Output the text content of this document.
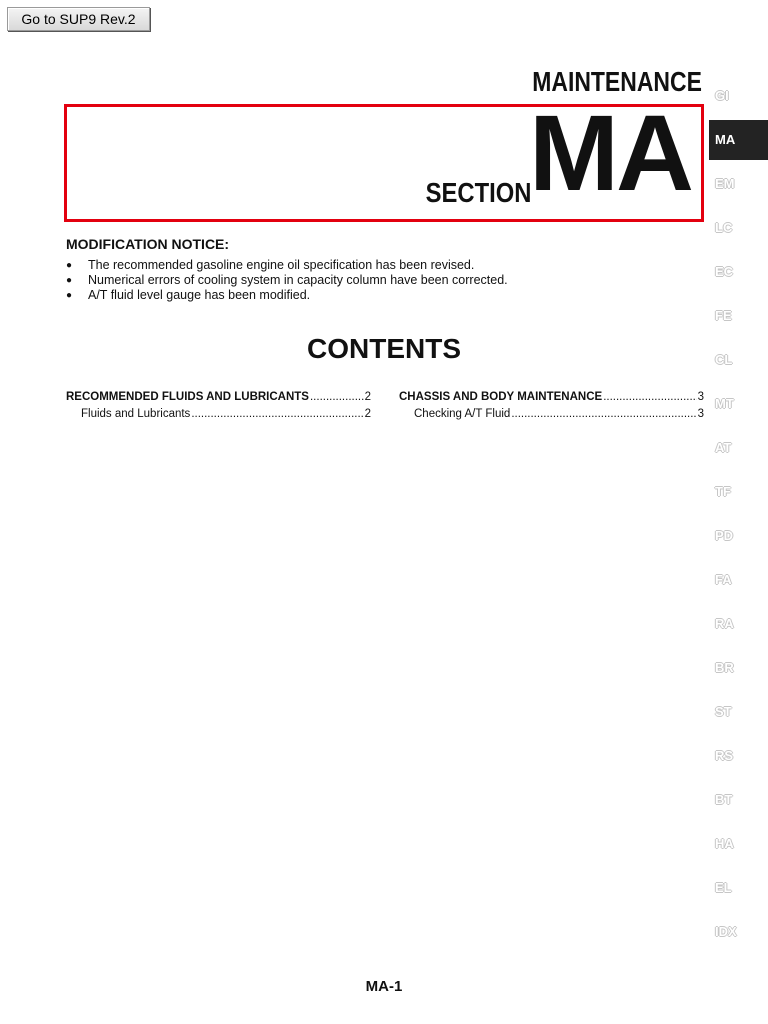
Go to SUP9 Rev.2
MAINTENANCE
SECTION
MA	GI
MA
EM
LC
EC
FE
CL
MT
AT
TF
PD
FA
RA
BR
ST
RS
BT
HA
EL
IDX
MODIFICATION NOTICE:
● The recommended gasoline engine oil specification has been revised.
● Numerical errors of cooling system in capacity column have been corrected.
● A/T fluid level gauge has been modified.
CONTENTS
RECOMMENDED FLUIDS AND LUBRICANTS .....	2
Fluids and Lubricants .....	2
CHASSIS AND BODY MAINTENANCE .....	3
Checking A/T Fluid .....	3

MA-1
